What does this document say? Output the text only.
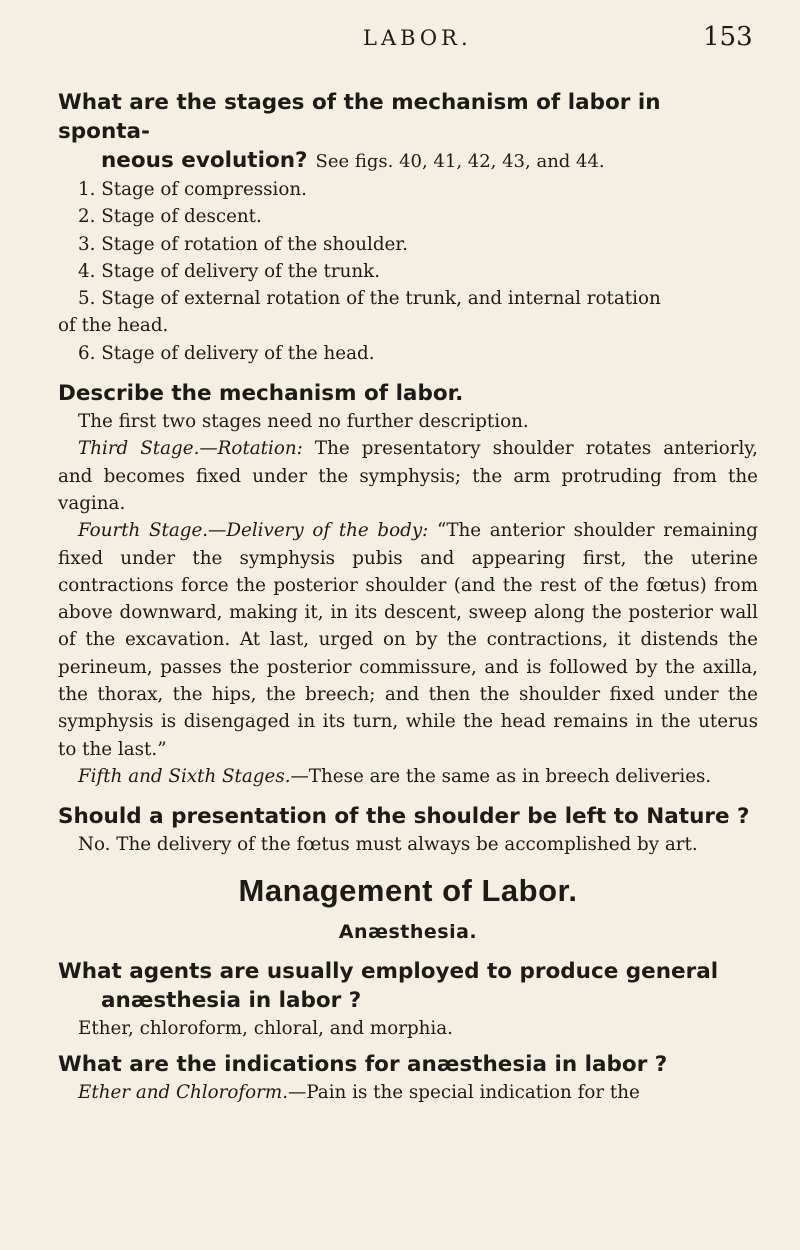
LABOR.	153

What are the stages of the mechanism of labor in sponta-
neous evolution? See figs. 40, 41, 42, 43, and 44.

1. Stage of compression.

2. Stage of descent.

3. Stage of rotation of the shoulder.

4. Stage of delivery of the trunk.

5. Stage of external rotation of the trunk, and internal rotation

of the head.

6. Stage of delivery of the head.

Describe the mechanism of labor.

The first two stages need no further description.

Third Stage.—Rotation: The presentatory shoulder rotates anteriorly, and becomes fixed under the symphysis; the arm protruding from the vagina.

Fourth Stage.—Delivery of the body: “The anterior shoulder remaining fixed under the symphysis pubis and appearing first, the uterine contractions force the posterior shoulder (and the rest of the fœtus) from above downward, making it, in its descent, sweep along the posterior wall of the excavation. At last, urged on by the contractions, it distends the perineum, passes the posterior commissure, and is followed by the axilla, the thorax, the hips, the breech; and then the shoulder fixed under the symphysis is disengaged in its turn, while the head remains in the uterus to the last.”

Fifth and Sixth Stages.—These are the same as in breech deliveries.

Should a presentation of the shoulder be left to Nature ?

No. The delivery of the fœtus must always be accomplished by art.

Management of Labor.
Anæsthesia.

What agents are usually employed to produce general
anæsthesia in labor ?

Ether, chloroform, chloral, and morphia.

What are the indications for anæsthesia in labor ?

Ether and Chloroform.—Pain is the special indication for the
